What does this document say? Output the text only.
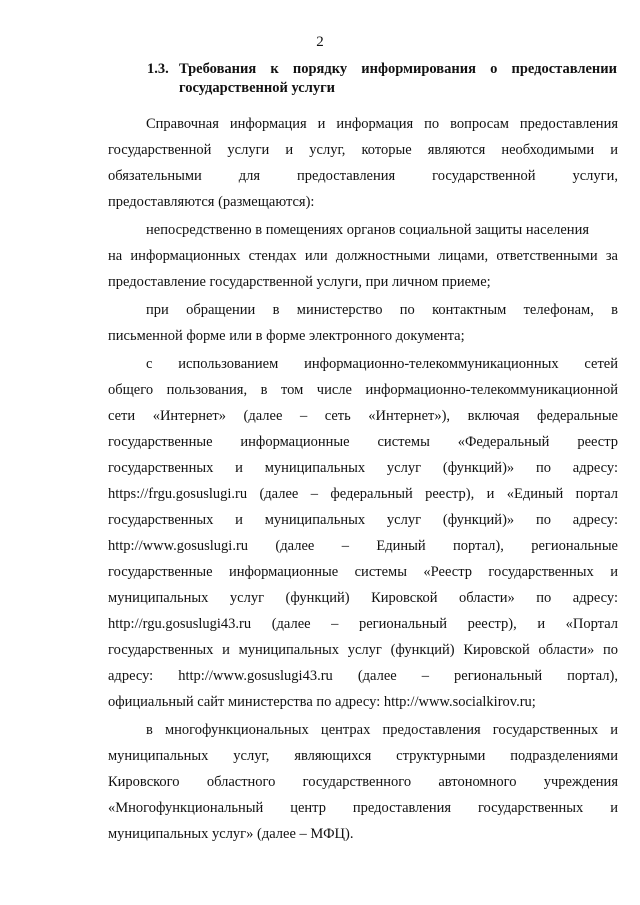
2
1.3. Требования к порядку информирования о предоставлении
государственной услуги
Справочная информация и информация по вопросам предоставления
государственной услуги и услуг, которые являются необходимыми и
обязательными для предоставления государственной услуги,
предоставляются (размещаются):
непосредственно в помещениях органов социальной защиты населения
на информационных стендах или должностными лицами, ответственными за
предоставление государственной услуги, при личном приеме;
при обращении в министерство по контактным телефонам, в
письменной форме или в форме электронного документа;
с использованием информационно-телекоммуникационных сетей
общего пользования, в том числе информационно-телекоммуникационной
сети «Интернет» (далее – сеть «Интернет»), включая федеральные
государственные информационные системы «Федеральный реестр
государственных и муниципальных услуг (функций)» по адресу:
https://frgu.gosuslugi.ru (далее – федеральный реестр), и «Единый портал
государственных и муниципальных услуг (функций)» по адресу:
http://www.gosuslugi.ru (далее – Единый портал), региональные
государственные информационные системы «Реестр государственных и
муниципальных услуг (функций) Кировской области» по адресу:
http://rgu.gosuslugi43.ru (далее – региональный реестр), и «Портал
государственных и муниципальных услуг (функций) Кировской области» по
адресу: http://www.gosuslugi43.ru (далее – региональный портал),
официальный сайт министерства по адресу: http://www.socialkirov.ru;
в многофункциональных центрах предоставления государственных и
муниципальных услуг, являющихся структурными подразделениями
Кировского областного государственного автономного учреждения
«Многофункциональный центр предоставления государственных и
муниципальных услуг» (далее – МФЦ).
